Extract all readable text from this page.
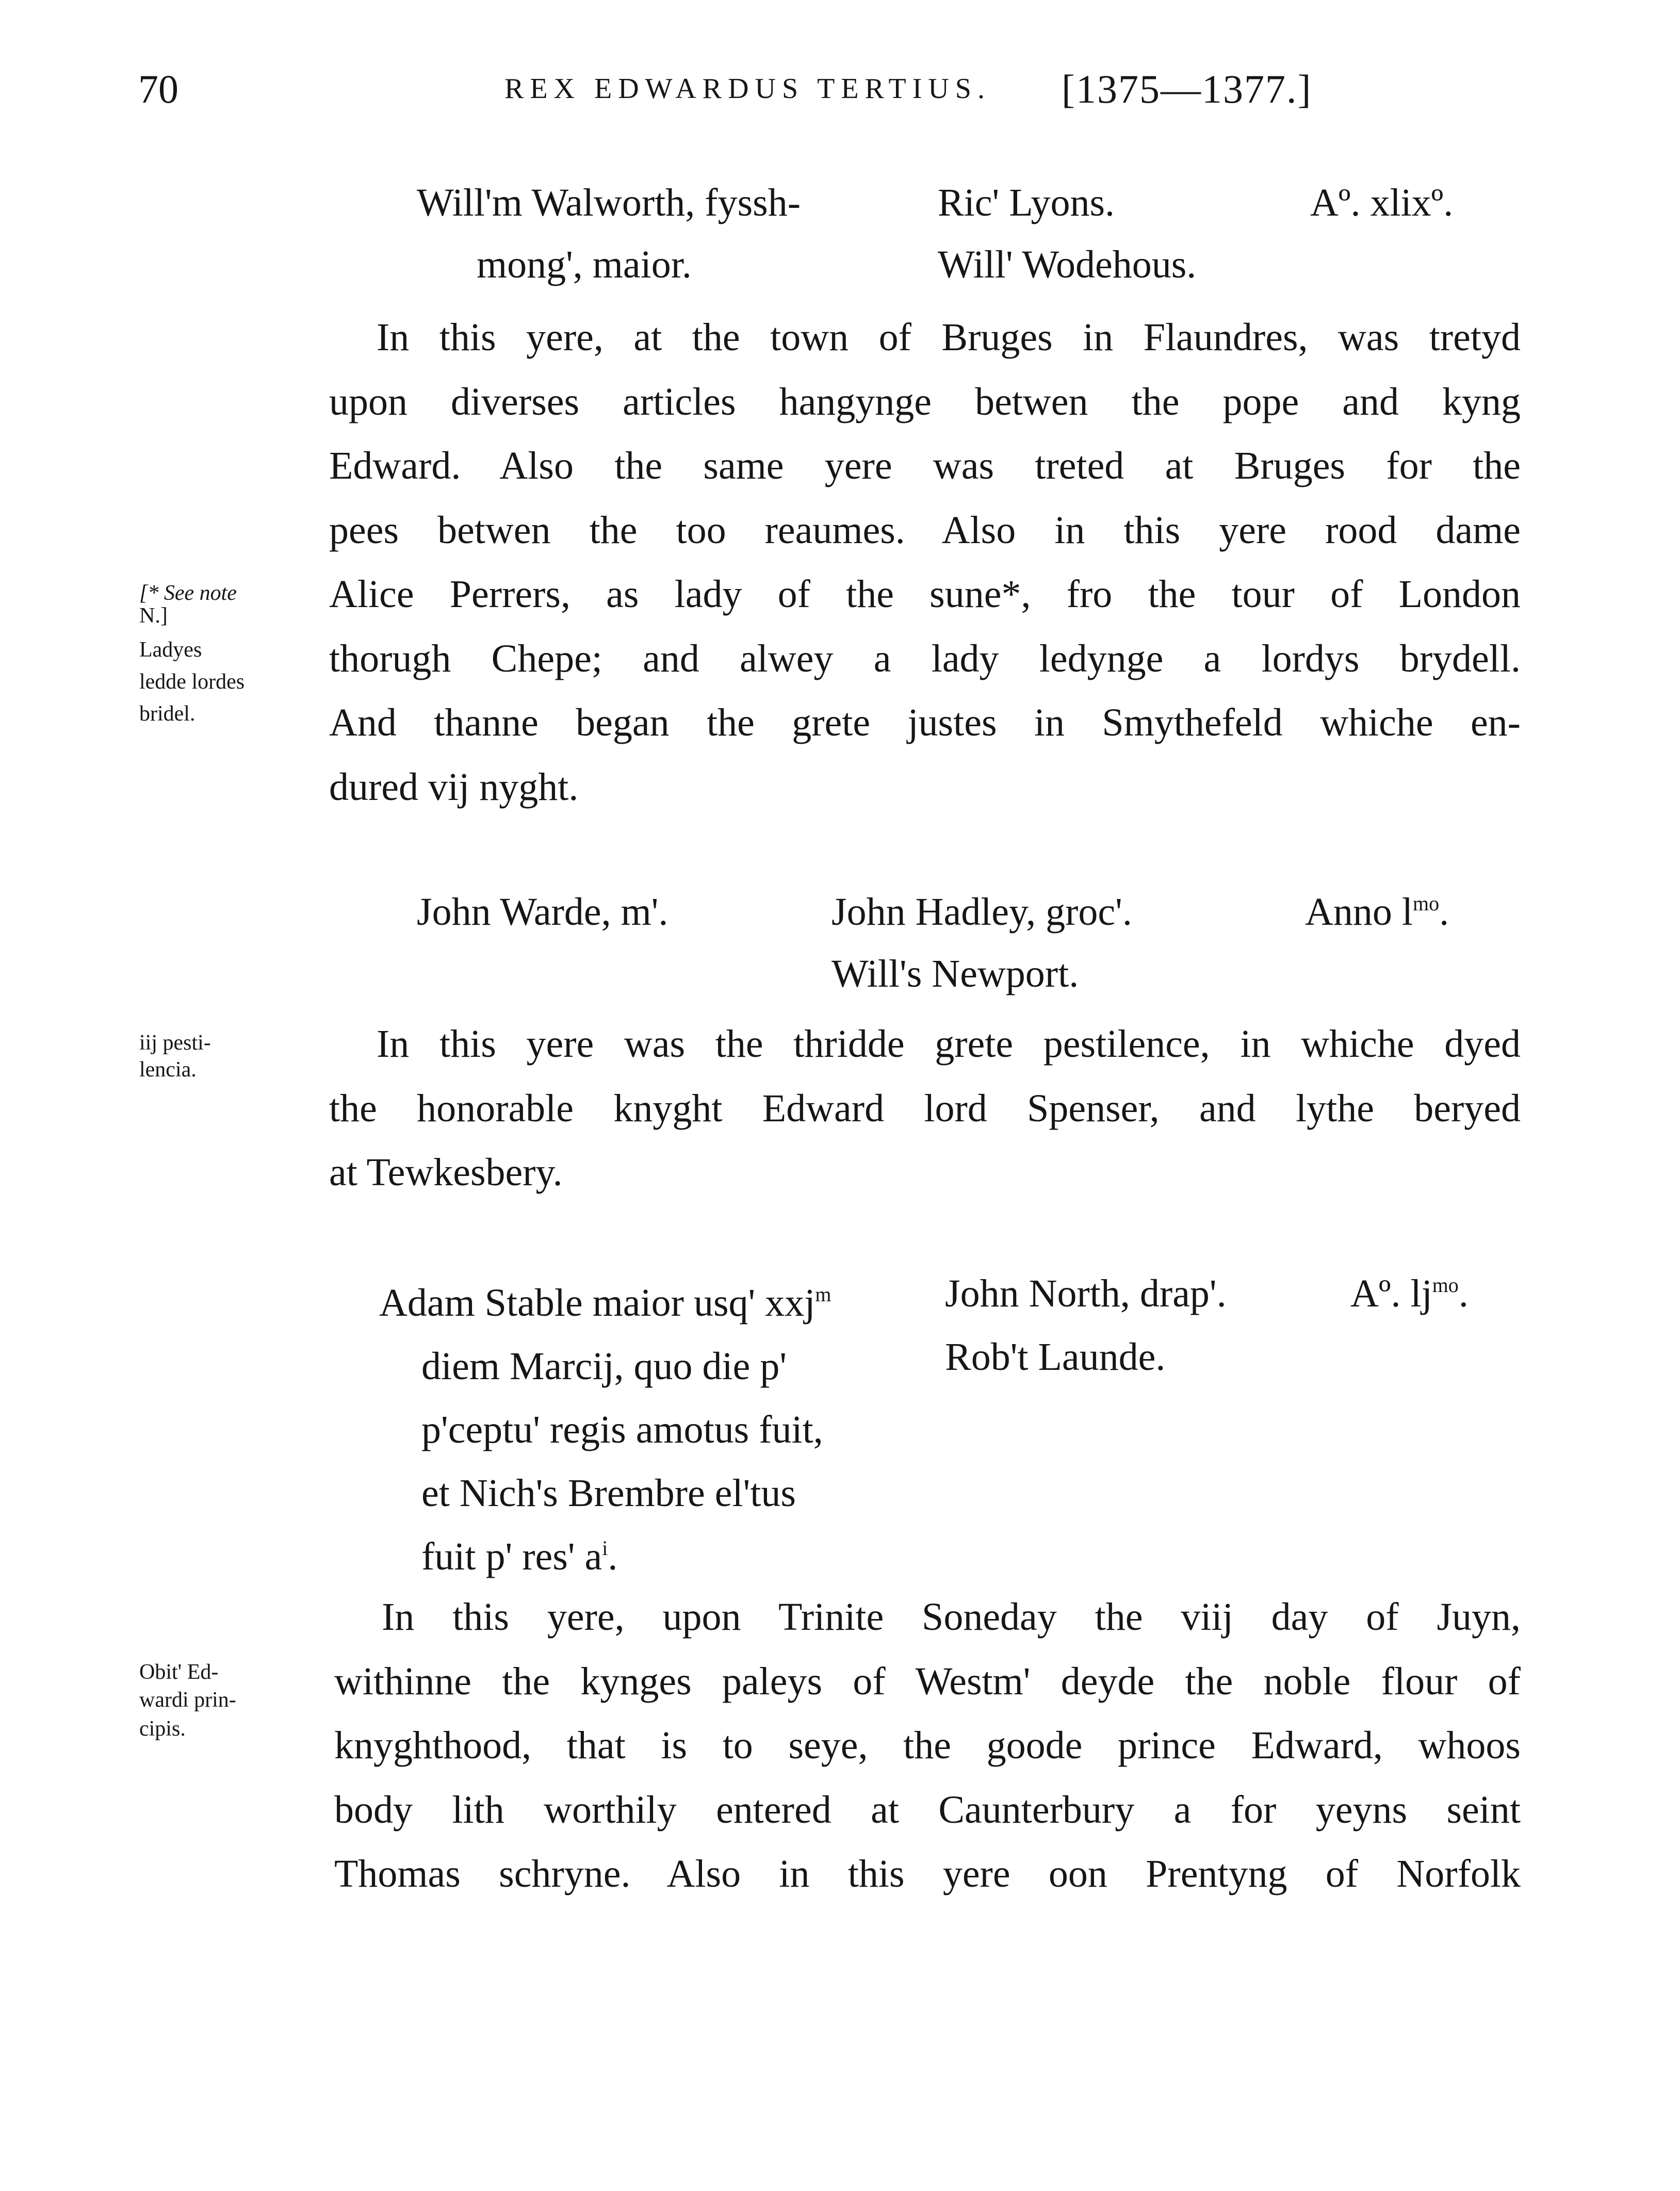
70	REX EDWARDUS TERTIUS. [1375—1377.]
Will'm Walworth, fyssh-
mong', maior.
Ric' Lyons.
Will' Wodehous.
Aº. xlixº.
In this yere, at the town of Bruges in Flaundres, was tretyd
upon diverses articles hangynge betwen the pope and kyng
Edward. Also the same yere was treted at Bruges for the
pees betwen the too reaumes. Also in this yere rood dame
Alice Perrers, as lady of the sune*, fro the tour of London
thorugh Chepe; and alwey a lady ledynge a lordys brydell.
And thanne began the grete justes in Smythefeld whiche en-
dured vij nyght.
[* See note
N.]
Ladyes
ledde lordes
bridel.
iij pesti-
lencia.
Obit' Ed-
wardi prin-
cipis.
John Warde, m'.	John Hadley, groc'.
Will's Newport.
Anno $l^{mo}$.
In this yere was the thridde grete pestilence, in whiche dyed
the honorable knyght Edward lord Spenser, and lythe beryed
at Tewkesbery.
Adam Stable maior usq' xxj$^m$
diem Marcij, quo die p'
p'ceptu' regis amotus fuit,
et Nich's Brembre el'tus
fuit p' res' $a^i$.
John North, drap'.
Rob't Launde.
Aº. $lj^{mo}$.
In this yere, upon Trinite Soneday the viij day of Juyn,
withinne the kynges paleys of Westm' deyde the noble flour of
knyghthood, that is to seye, the goode prince Edward, whoos
body lith worthily entered at Caunterbury a for yeyns seint
Thomas schryne. Also in this yere oon Prentyng of Norfolk
